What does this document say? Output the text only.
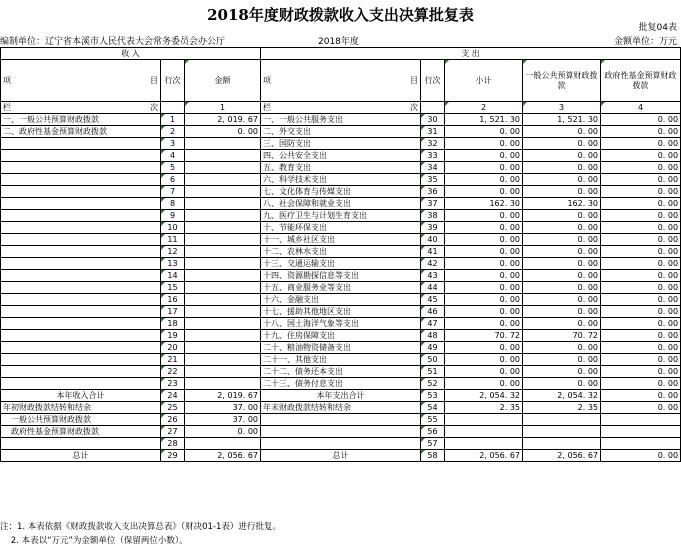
2018年度财政拨款收入支出决算批复表
批复04表
编制单位：辽宁省本溪市人民代表大会常务委员会办公厅	2018年度	金额单位：万元
收 入			支 出				
项 目	行次	金额	项 目	行次	小计	一般公共预算财政拨款	政府性基金预算财政拨款
栏 次		1	栏 次		2	3	4
一、一般公共预算财政拨款	1	2, 019. 67	一、一般公共服务支出	30	1, 521. 30	1, 521. 30	0. 00
二、政府性基金预算财政拨款	2	0. 00	二、外交支出	31	0. 00	0. 00	0. 00
	3		三、国防支出	32	0. 00	0. 00	0. 00
	4		四、公共安全支出	33	0. 00	0. 00	0. 00
	5		五、教育支出	34	0. 00	0. 00	0. 00
	6		六、科学技术支出	35	0. 00	0. 00	0. 00
	7		七、文化体育与传媒支出	36	0. 00	0. 00	0. 00
	8		八、社会保障和就业支出	37	162. 30	162. 30	0. 00
	9		九、医疗卫生与计划生育支出	38	0. 00	0. 00	0. 00
	10		十、节能环保支出	39	0. 00	0. 00	0. 00
	11		十一、城乡社区支出	40	0. 00	0. 00	0. 00
	12		十二、农林水支出	41	0. 00	0. 00	0. 00
	13		十三、交通运输支出	42	0. 00	0. 00	0. 00
	14		十四、资源勘探信息等支出	43	0. 00	0. 00	0. 00
	15		十五、商业服务业等支出	44	0. 00	0. 00	0. 00
	16		十六、金融支出	45	0. 00	0. 00	0. 00
	17		十七、援助其他地区支出	46	0. 00	0. 00	0. 00
	18		十八、国土海洋气象等支出	47	0. 00	0. 00	0. 00
	19		十九、住房保障支出	48	70. 72	70. 72	0. 00
	20		二十、粮油物资储备支出	49	0. 00	0. 00	0. 00
	21		二十一、其他支出	50	0. 00	0. 00	0. 00
	22		二十二、债务还本支出	51	0. 00	0. 00	0. 00
	23		二十三、债务付息支出	52	0. 00	0. 00	0. 00
本年收入合计	24	2, 019. 67	本年支出合计	53	2, 054. 32	2, 054. 32	0. 00
年初财政拨款结转和结余	25	37. 00	年末财政拨款结转和结余	54	2. 35	2. 35	0. 00
一般公共预算财政拨款	26	37. 00		55			
政府性基金预算财政拨款	27	0. 00		56			
	28			57			
总计	29	2, 056. 67	总计	58	2, 056. 67	2, 056. 67	0. 00
注：1. 本表依据《财政拨款收入支出决算总表》（财决01-1表）进行批复。
2. 本表以“万元”为金额单位（保留两位小数）。
